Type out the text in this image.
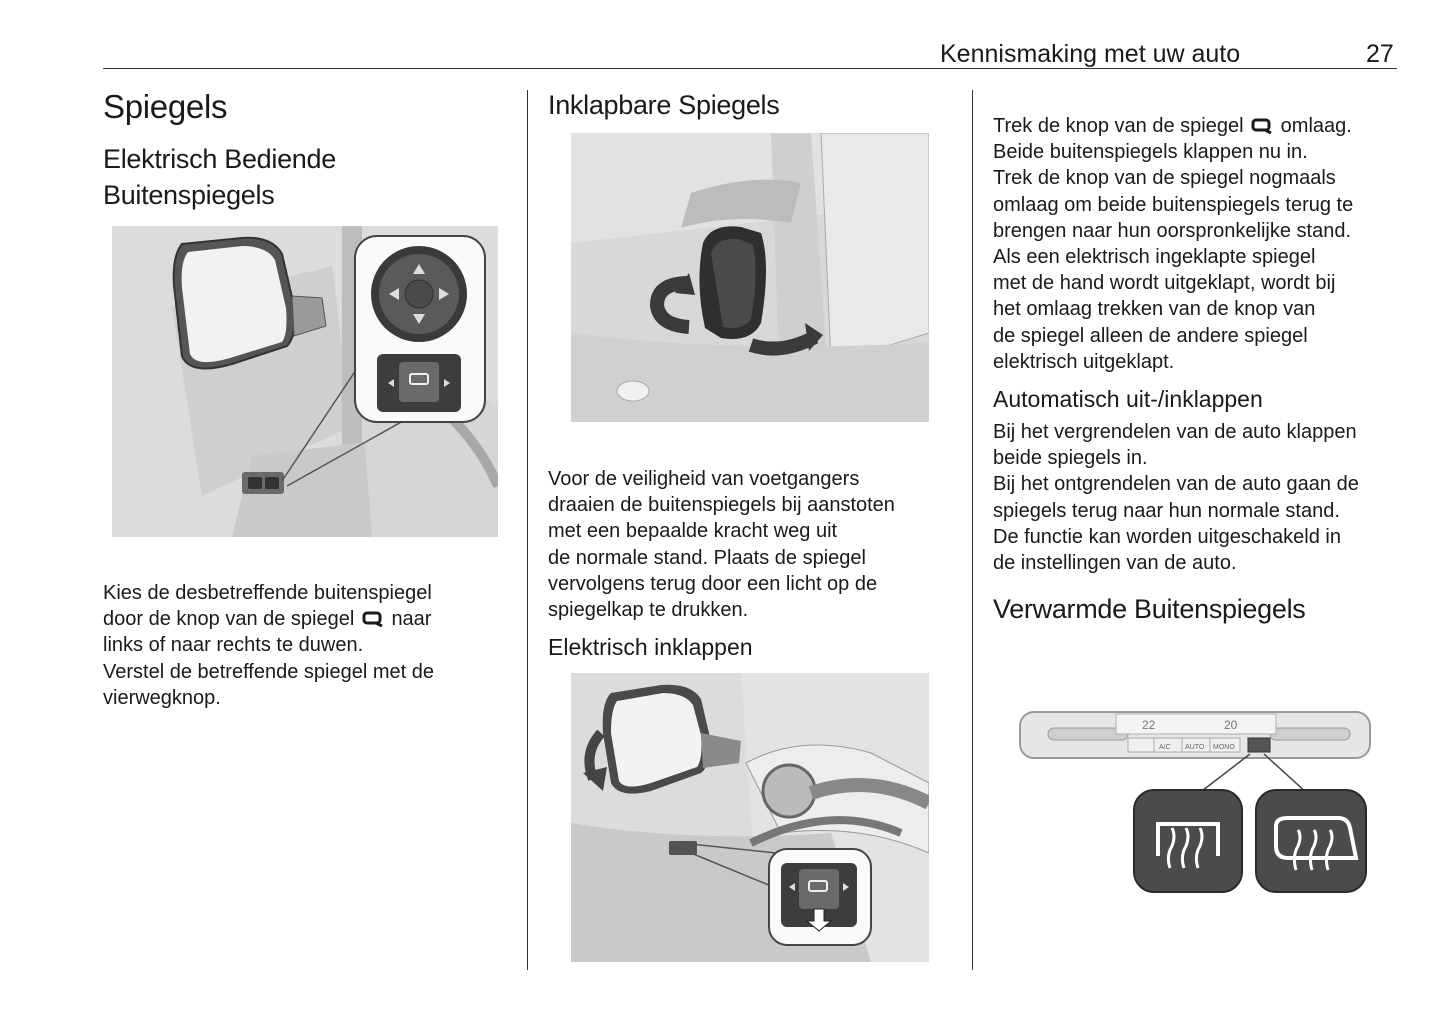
Kennismaking met uw auto	27
Spiegels
Elektrisch Bediende
Buitenspiegels

Kies de desbetreffende buitenspiegel
door de knop van de spiegel naar
links of naar rechts te duwen.
Verstel de betreffende spiegel met de
vierwegknop.

Inklapbare Spiegels

Voor de veiligheid van voetgangers
draaien de buitenspiegels bij aanstoten
met een bepaalde kracht weg uit
de normale stand. Plaats de spiegel
vervolgens terug door een licht op de
spiegelkap te drukken.

Elektrisch inklappen

Trek de knop van de spiegel omlaag.
Beide buitenspiegels klappen nu in.
Trek de knop van de spiegel nogmaals
omlaag om beide buitenspiegels terug te
brengen naar hun oorspronkelijke stand.
Als een elektrisch ingeklapte spiegel
met de hand wordt uitgeklapt, wordt bij
het omlaag trekken van de knop van
de spiegel alleen de andere spiegel
elektrisch uitgeklapt.

Automatisch uit-/inklappen

Bij het vergrendelen van de auto klappen
beide spiegels in.
Bij het ontgrendelen van de auto gaan de
spiegels terug naar hun normale stand.
De functie kan worden uitgeschakeld in
de instellingen van de auto.

Verwarmde Buitenspiegels
22	20
A/C AUTO MONO
